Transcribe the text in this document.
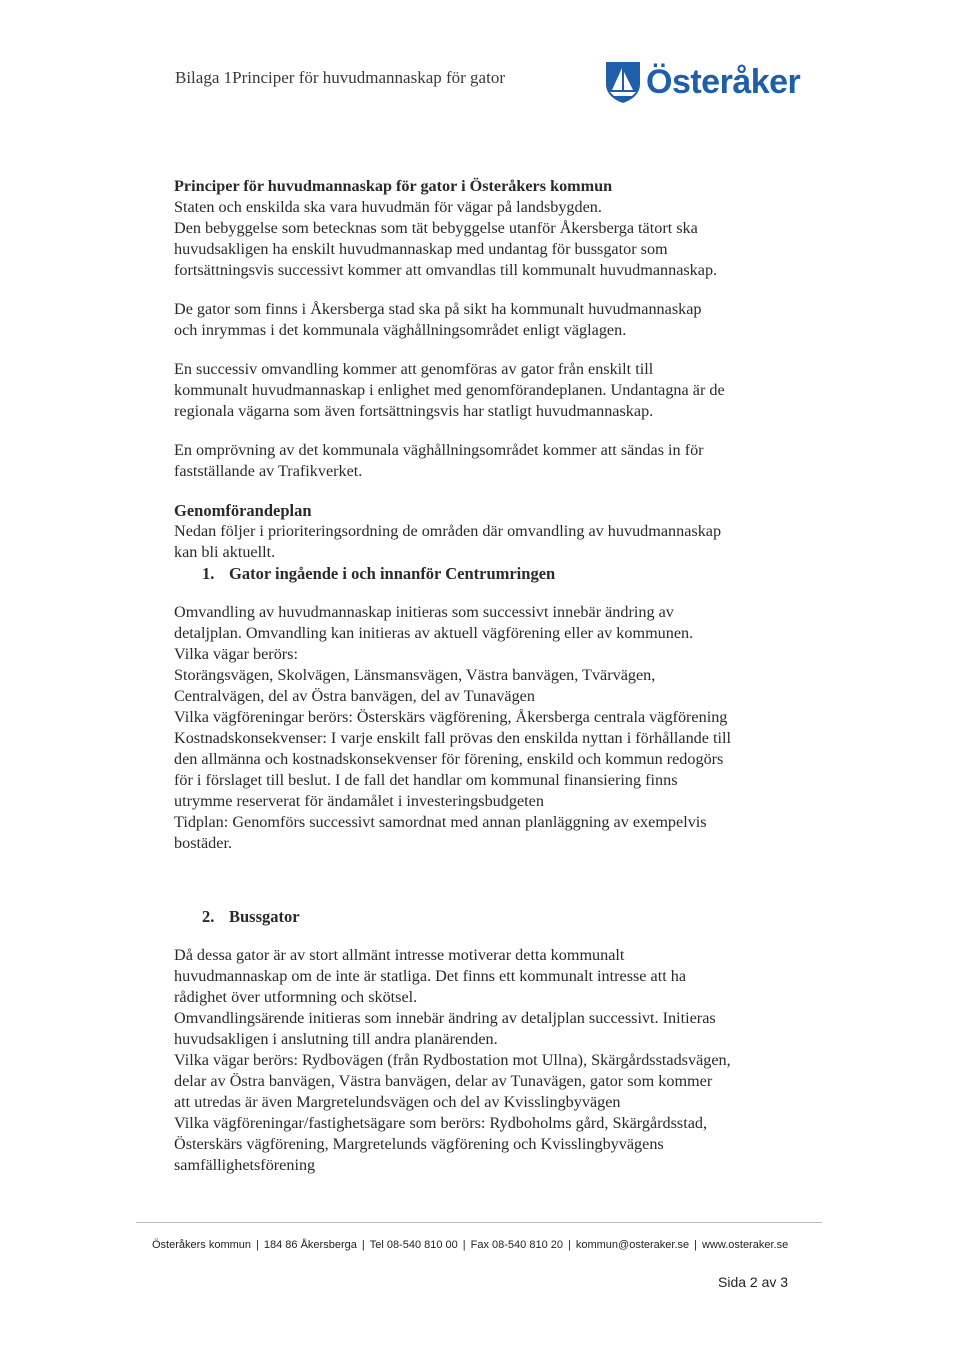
Bilaga 1Principer för huvudmannaskap för gator	Österåker

Principer för huvudmannaskap för gator i Österåkers kommun

Staten och enskilda ska vara huvudmän för vägar på landsbygden.

Den bebyggelse som betecknas som tät bebyggelse utanför Åkersberga tätort ska

huvudsakligen ha enskilt huvudmannaskap med undantag för bussgator som

fortsättningsvis successivt kommer att omvandlas till kommunalt huvudmannaskap.

De gator som finns i Åkersberga stad ska på sikt ha kommunalt huvudmannaskap

och inrymmas i det kommunala väghållningsområdet enligt väglagen.

En successiv omvandling kommer att genomföras av gator från enskilt till

kommunalt huvudmannaskap i enlighet med genomförandeplanen. Undantagna är de

regionala vägarna som även fortsättningsvis har statligt huvudmannaskap.

En omprövning av det kommunala väghållningsområdet kommer att sändas in för

fastställande av Trafikverket.

Genomförandeplan

Nedan följer i prioriteringsordning de områden där omvandling av huvudmannaskap

kan bli aktuellt.

1. Gator ingående i och innanför Centrumringen

Omvandling av huvudmannaskap initieras som successivt innebär ändring av

detaljplan. Omvandling kan initieras av aktuell vägförening eller av kommunen.

Vilka vägar berörs:

Storängsvägen, Skolvägen, Länsmansvägen, Västra banvägen, Tvärvägen,

Centralvägen, del av Östra banvägen, del av Tunavägen

Vilka vägföreningar berörs: Österskärs vägförening, Åkersberga centrala vägförening

Kostnadskonsekvenser: I varje enskilt fall prövas den enskilda nyttan i förhållande till

den allmänna och kostnadskonsekvenser för förening, enskild och kommun redogörs

för i förslaget till beslut. I de fall det handlar om kommunal finansiering finns

utrymme reserverat för ändamålet i investeringsbudgeten

Tidplan: Genomförs successivt samordnat med annan planläggning av exempelvis

bostäder.

2. Bussgator

Då dessa gator är av stort allmänt intresse motiverar detta kommunalt

huvudmannaskap om de inte är statliga. Det finns ett kommunalt intresse att ha

rådighet över utformning och skötsel.

Omvandlingsärende initieras som innebär ändring av detaljplan successivt. Initieras

huvudsakligen i anslutning till andra planärenden.

Vilka vägar berörs: Rydbovägen (från Rydbostation mot Ullna), Skärgårdsstadsvägen,

delar av Östra banvägen, Västra banvägen, delar av Tunavägen, gator som kommer

att utredas är även Margretelundsvägen och del av Kvisslingbyvägen

Vilka vägföreningar/fastighetsägare som berörs: Rydboholms gård, Skärgårdsstad,

Österskärs vägförening, Margretelunds vägförening och Kvisslingbyvägens

samfällighetsförening

Österåkers kommun | 184 86 Åkersberga | Tel 08-540 810 00 | Fax 08-540 810 20 | kommun@osteraker.se | www.osteraker.se
Sida 2 av 3
